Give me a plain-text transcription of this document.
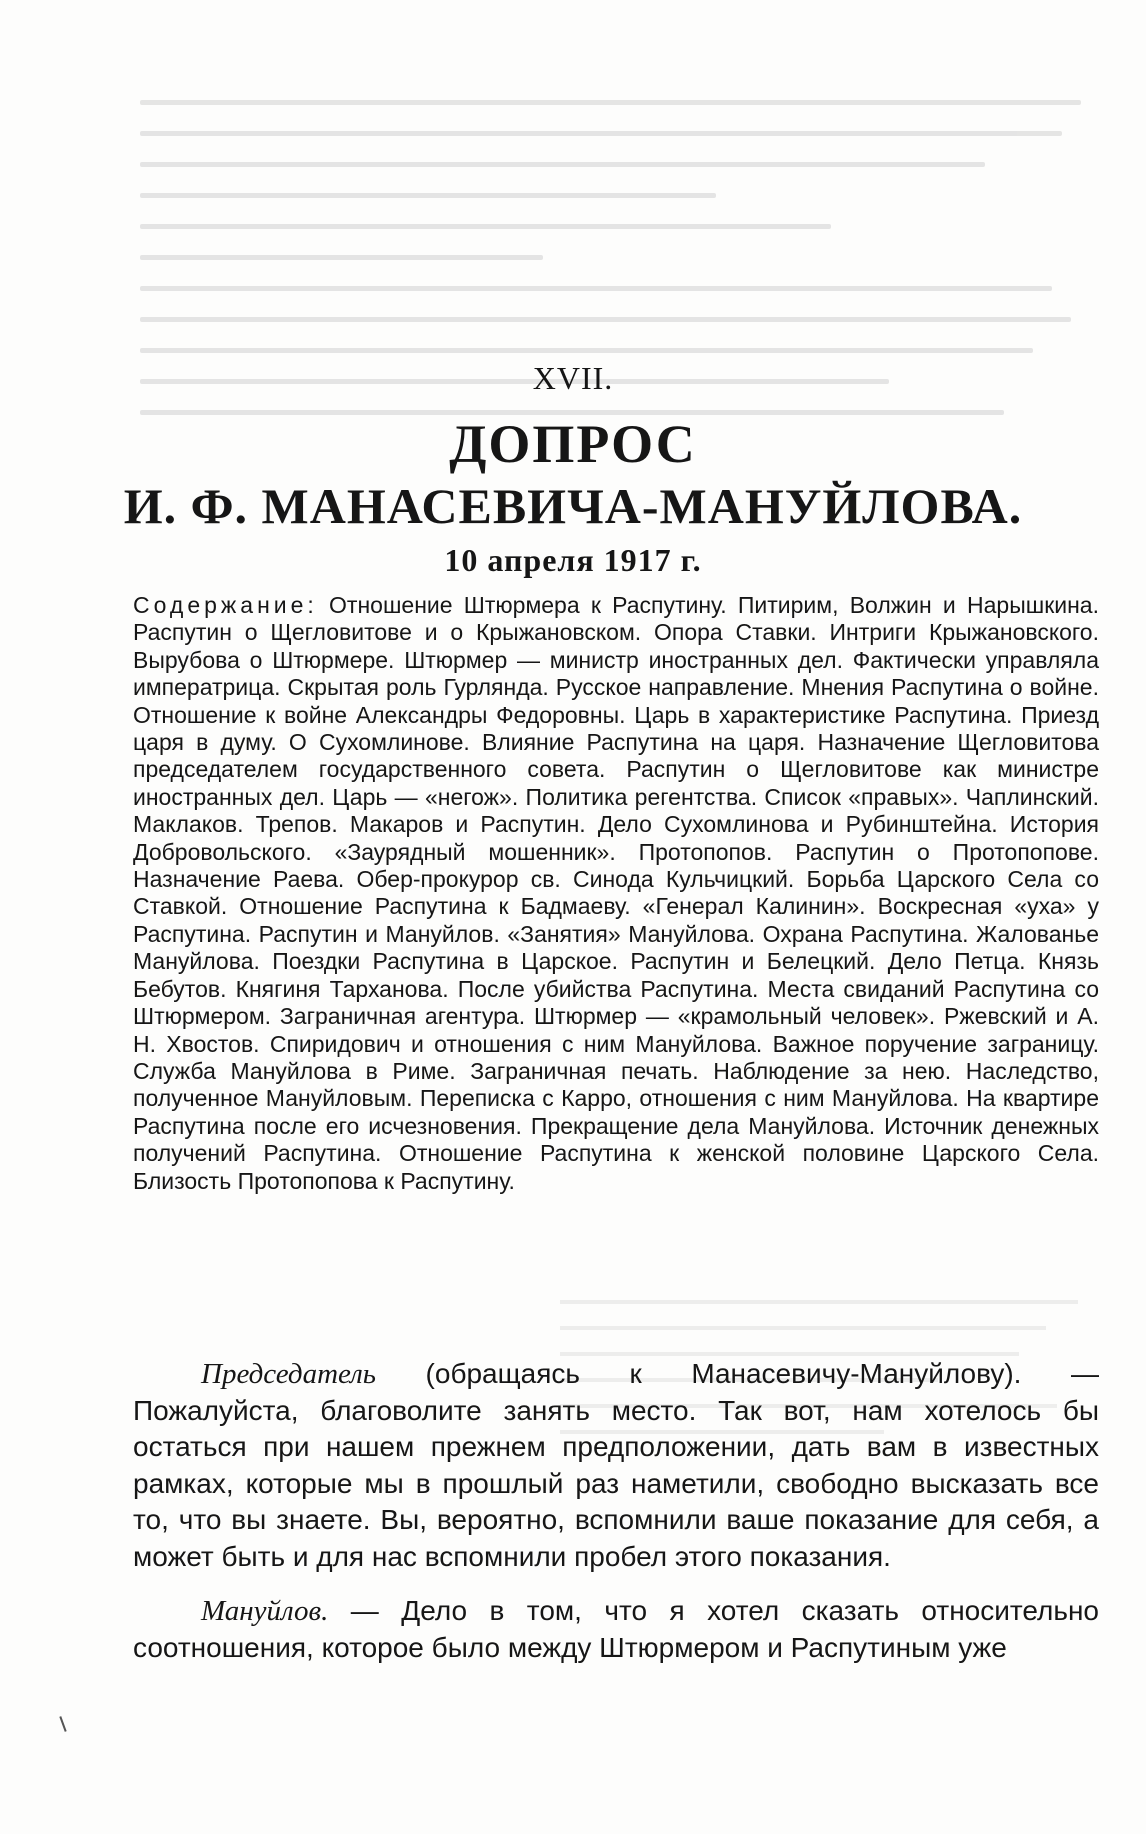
XVII.
ДОПРОС
И. Ф. МАНАСЕВИЧА-МАНУЙЛОВА.
10 апреля 1917 г.

Содержание: Отношение Штюрмера к Распутину. Питирим, Волжин и Нарышкина. Распутин о Щегловитове и о Крыжановском. Опора Ставки. Интриги Крыжановского. Вырубова о Штюрмере. Штюрмер — министр иностранных дел. Фактически управляла императрица. Скрытая роль Гурлянда. Русское направление. Мнения Распутина о войне. Отношение к войне Александры Федоровны. Царь в характеристике Распутина. Приезд царя в думу. О Сухомлинове. Влияние Распутина на царя. Назначение Щегловитова председателем государственного совета. Распутин о Щегловитове как министре иностранных дел. Царь — «негож». Политика регентства. Список «правых». Чаплинский. Маклаков. Трепов. Макаров и Распутин. Дело Сухомлинова и Рубинштейна. История Добровольского. «Заурядный мошенник». Протопопов. Распутин о Протопопове. Назначение Раева. Обер-прокурор св. Синода Кульчицкий. Борьба Царского Села со Ставкой. Отношение Распутина к Бадмаеву. «Генерал Калинин». Воскресная «уха» у Распутина. Распутин и Мануйлов. «Занятия» Мануйлова. Охрана Распутина. Жалованье Мануйлова. Поездки Распутина в Царское. Распутин и Белецкий. Дело Петца. Князь Бебутов. Княгиня Тарханова. После убийства Распутина. Места свиданий Распутина со Штюрмером. Заграничная агентура. Штюрмер — «крамольный человек». Ржевский и А. Н. Хвостов. Спиридович и отношения с ним Мануйлова. Важное поручение заграницу. Служба Мануйлова в Риме. Заграничная печать. Наблюдение за нею. Наследство, полученное Мануйловым. Переписка с Карро, отношения с ним Мануйлова. На квартире Распутина после его исчезновения. Прекращение дела Мануйлова. Источник денежных получений Распутина. Отношение Распутина к женской половине Царского Села. Близость Протопопова к Распутину.

Председатель (обращаясь к Манасевичу-Мануйлову). — Пожалуйста, благоволите занять место. Так вот, нам хотелось бы остаться при нашем прежнем предположении, дать вам в известных рамках, которые мы в прошлый раз наметили, свободно высказать все то, что вы знаете. Вы, вероятно, вспомнили ваше показание для себя, а может быть и для нас вспомнили пробел этого показания.

Мануйлов. — Дело в том, что я хотел сказать относительно соотношения, которое было между Штюрмером и Распутиным уже
